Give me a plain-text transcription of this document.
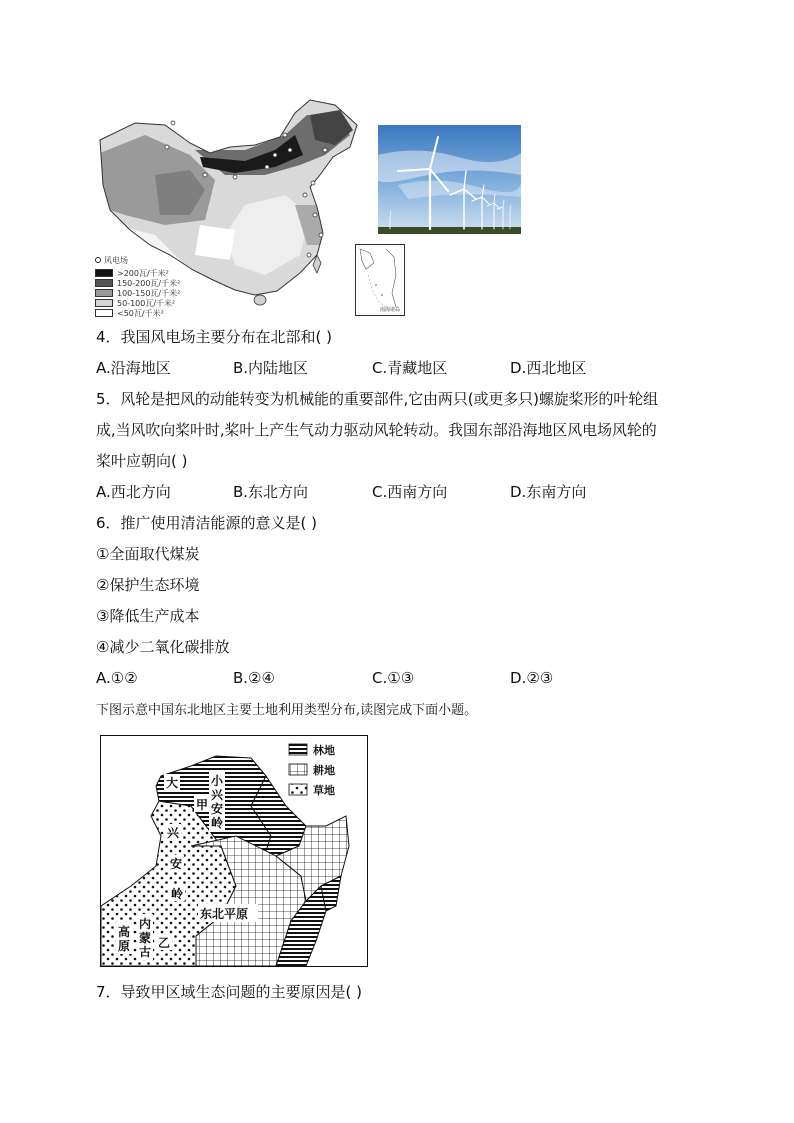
风电场
>200瓦/千米²
150-200瓦/千米²
100-150瓦/千米²
50-100瓦/千米²
<50瓦/千米²	南海诸岛
4．我国风电场主要分布在北部和( )
A.沿海地区	B.内陆地区	C.青藏地区	D.西北地区
5．风轮是把风的动能转变为机械能的重要部件,它由两只(或更多只)螺旋桨形的叶轮组
成,当风吹向桨叶时,桨叶上产生气动力驱动风轮转动。我国东部沿海地区风电场风轮的
桨叶应朝向( )
A.西北方向	B.东北方向	C.西南方向	D.东南方向
6．推广使用清洁能源的意义是( )
①全面取代煤炭
②保护生态环境
③降低生产成本
④减少二氧化碳排放
A.①②	B.②④	C.①③	D.②③
下图示意中国东北地区主要土地利用类型分布,读图完成下面小题。
大
兴
安
岭
甲
小
兴
安
岭
东北平原
内
蒙
古
高
原 乙
林地
耕地
草地
7．导致甲区域生态问题的主要原因是( )
